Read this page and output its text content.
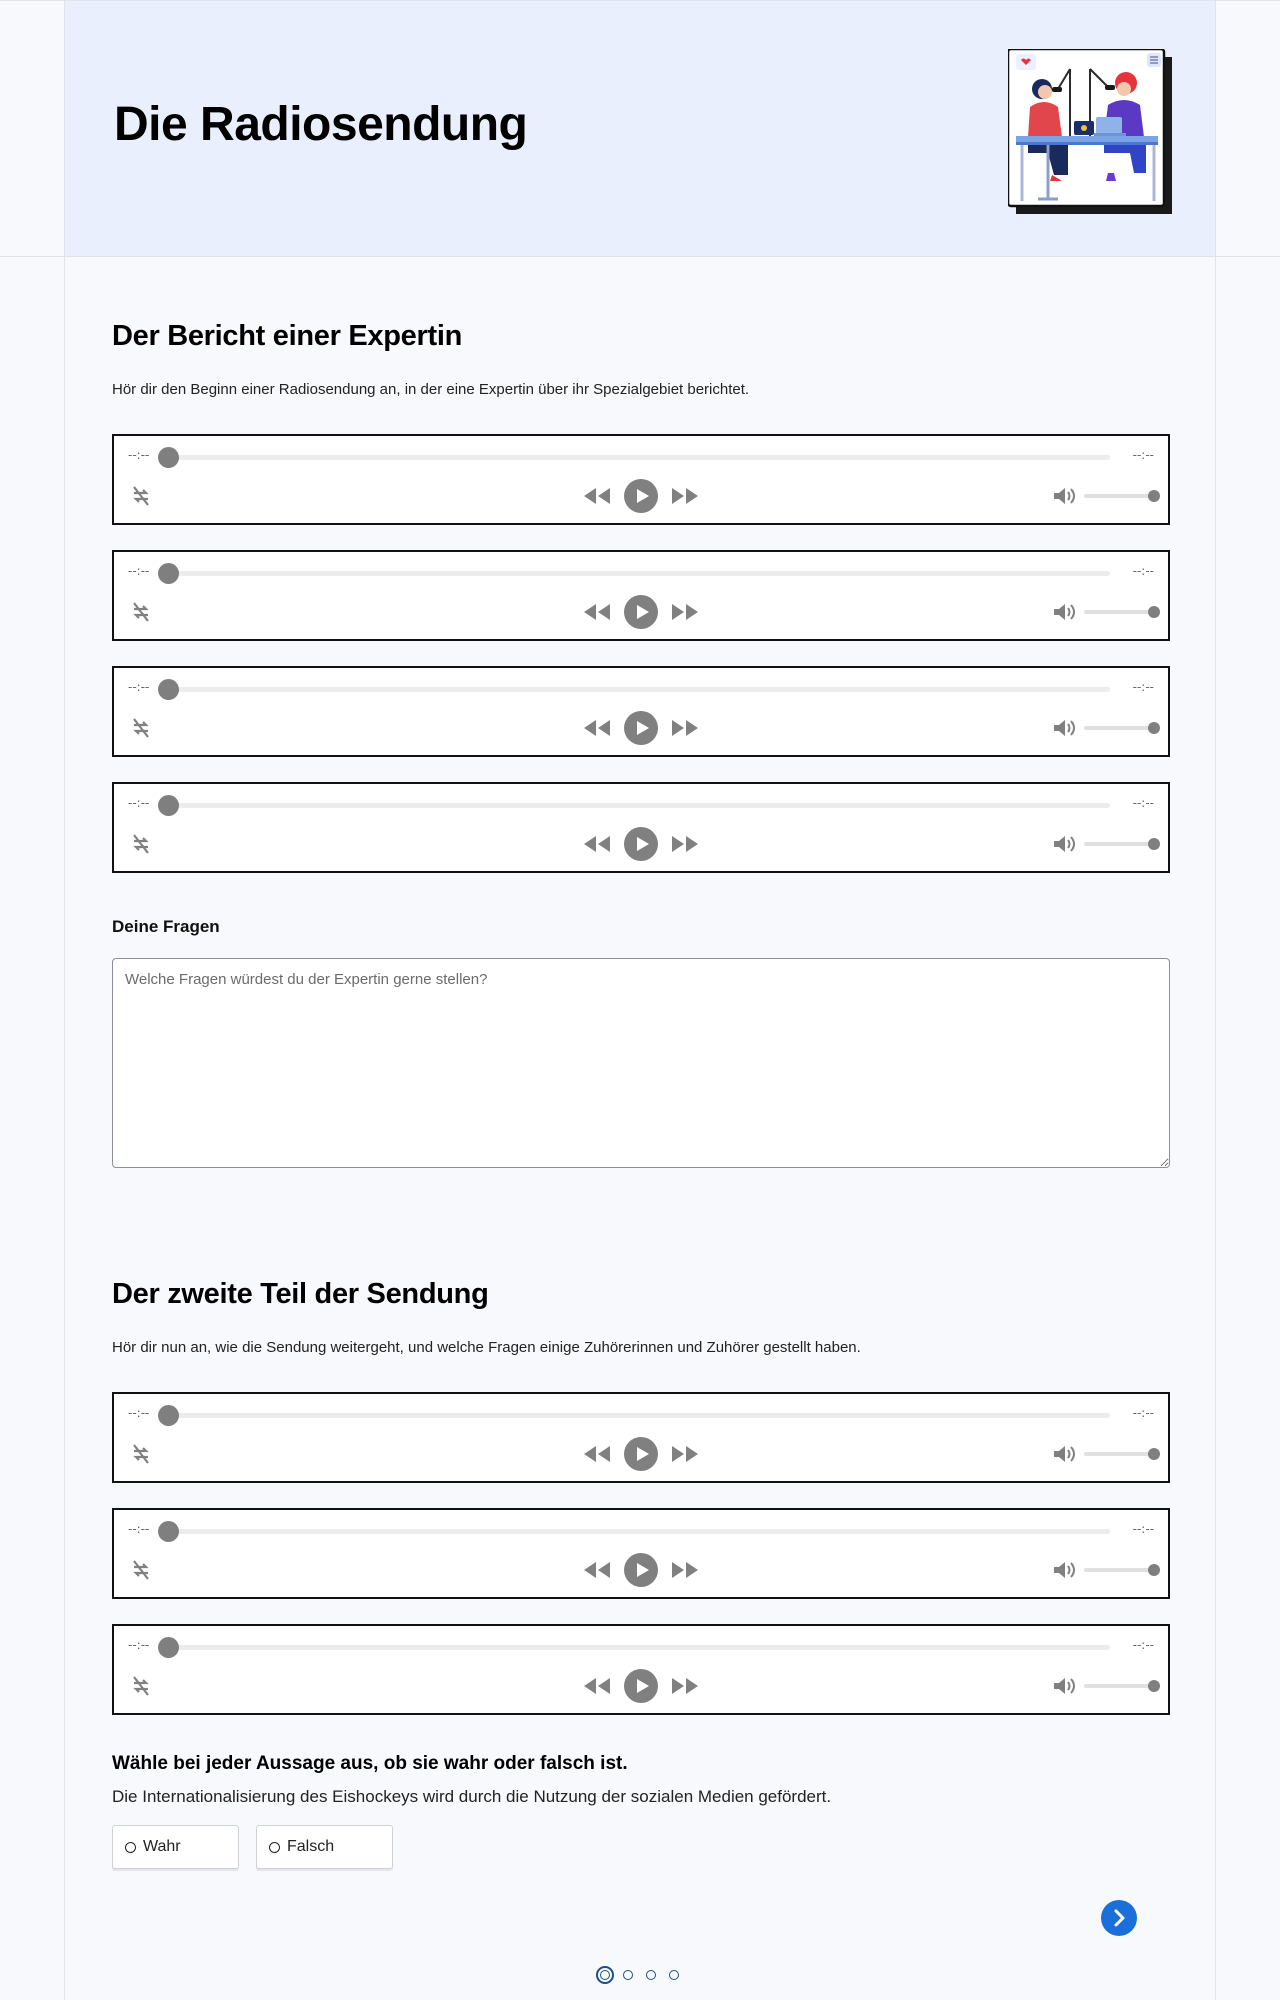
Die Radiosendung
Der Bericht einer Expertin

Hör dir den Beginn einer Radiosendung an, in der eine Expertin über ihr Spezialgebiet berichtet.

--:--	--:--
--:--	--:--
--:--	--:--
--:--	--:--
Deine Fragen
Welche Fragen würdest du der Expertin gerne stellen?
Der zweite Teil der Sendung

Hör dir nun an, wie die Sendung weitergeht, und welche Fragen einige Zuhörerinnen und Zuhörer gestellt haben.

--:--	--:--
--:--	--:--
--:--	--:--

Wähle bei jeder Aussage aus, ob sie wahr oder falsch ist.

Die Internationalisierung des Eishockeys wird durch die Nutzung der sozialen Medien gefördert.

Wahr	Falsch
